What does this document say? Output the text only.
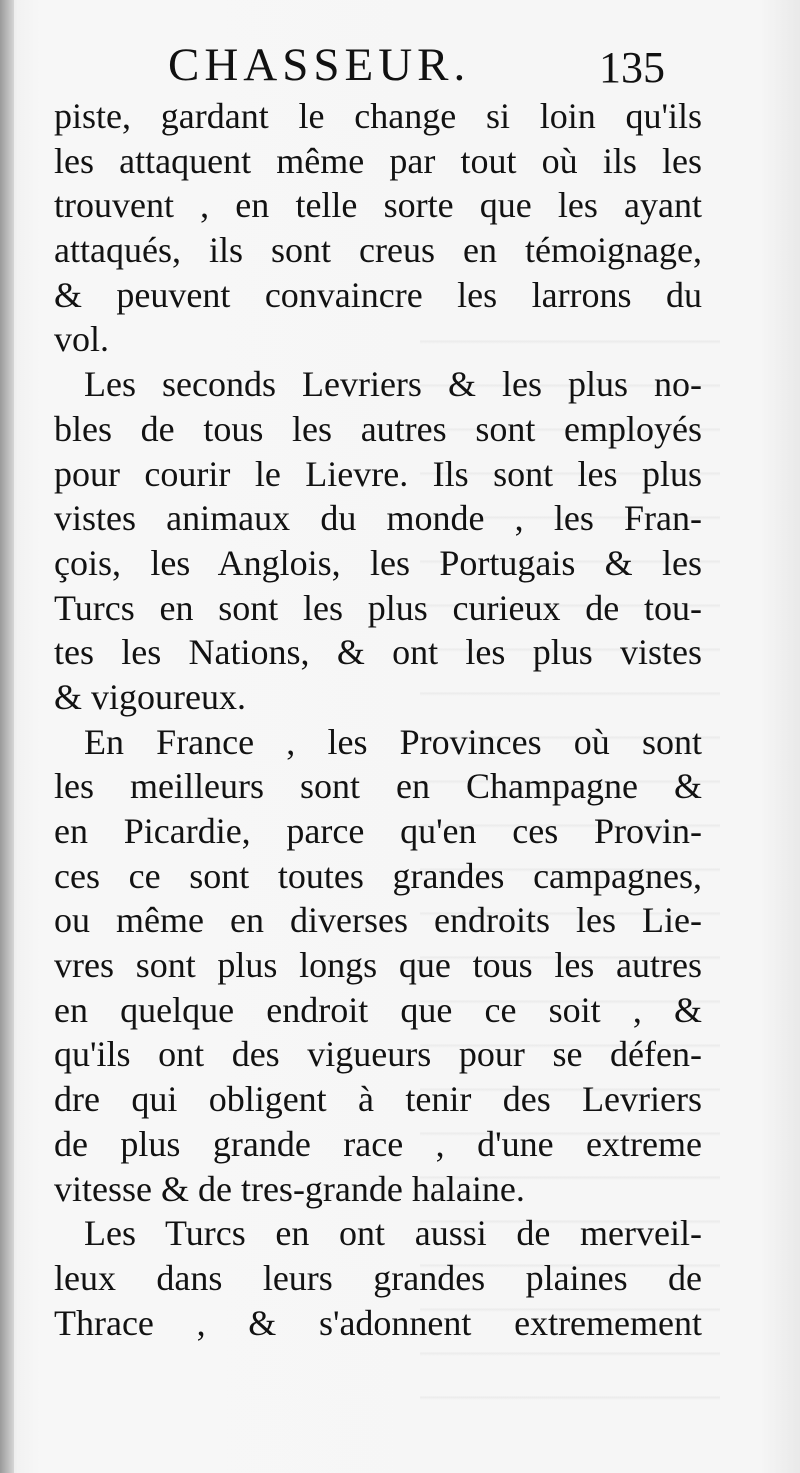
CHASSEUR.	135
piste, gardant le change si loin qu'ils
les attaquent même par tout où ils les
trouvent , en telle sorte que les ayant
attaqués, ils sont creus en témoignage,
& peuvent convaincre les larrons du
vol.
Les seconds Levriers & les plus no-
bles de tous les autres sont employés
pour courir le Lievre. Ils sont les plus
vistes animaux du monde , les Fran-
çois, les Anglois, les Portugais & les
Turcs en sont les plus curieux de tou-
tes les Nations, & ont les plus vistes
& vigoureux.
En France , les Provinces où sont
les meilleurs sont en Champagne &
en Picardie, parce qu'en ces Provin-
ces ce sont toutes grandes campagnes,
ou même en diverses endroits les Lie-
vres sont plus longs que tous les autres
en quelque endroit que ce soit , &
qu'ils ont des vigueurs pour se défen-
dre qui obligent à tenir des Levriers
de plus grande race , d'une extreme
vitesse & de tres-grande halaine.
Les Turcs en ont aussi de merveil-
leux dans leurs grandes plaines de
Thrace , & s'adonnent extremement
